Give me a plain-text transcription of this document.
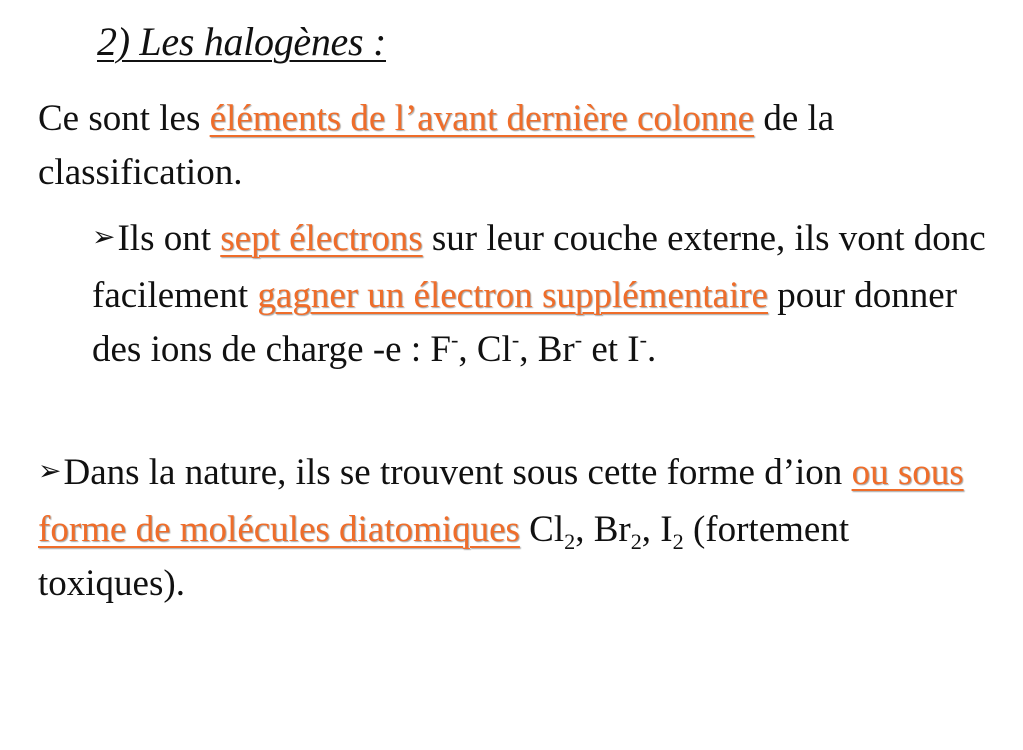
2) Les halogènes :
Ce sont les éléments de l’avant dernière colonne de la classification.
➢Ils ont sept électrons sur leur couche externe, ils vont donc facilement gagner un électron supplémentaire pour donner des ions de charge -e : F-, Cl-, Br- et I-.
➢Dans la nature, ils se trouvent sous cette forme d’ion ou sous forme de molécules diatomiques $Cl_2$, $Br_2$, $I_2$ (fortement toxiques).
